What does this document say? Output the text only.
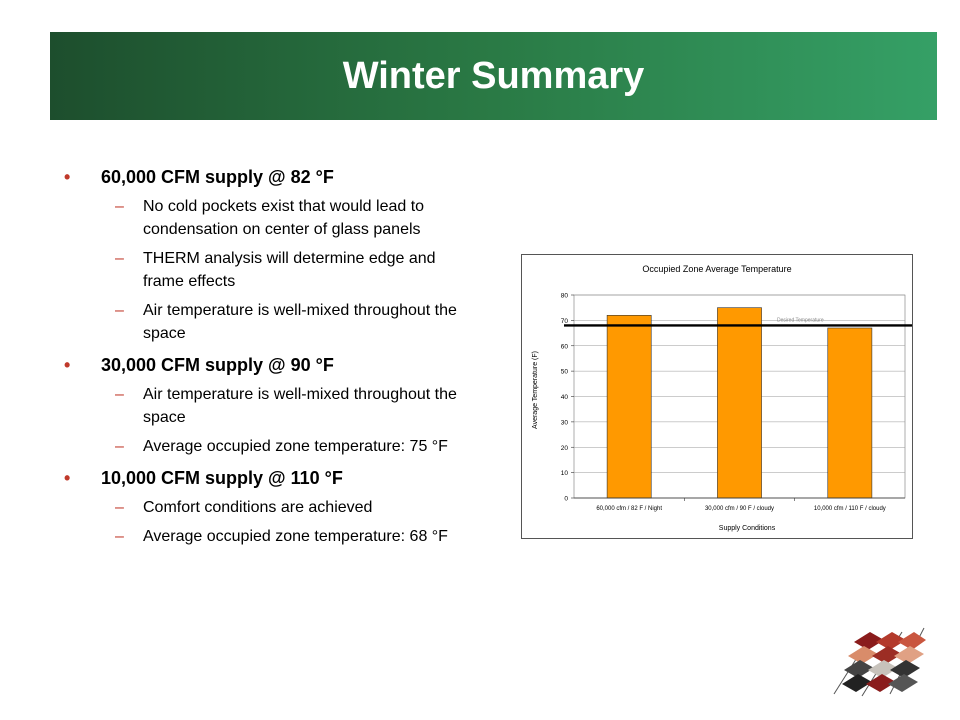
Winter Summary
• 60,000 CFM supply @ 82 °F
– No cold pockets exist that would lead to condensation on center of glass panels
– THERM analysis will determine edge and frame effects
– Air temperature is well-mixed throughout the space
• 30,000 CFM supply @ 90 °F
– Air temperature is well-mixed throughout the space
– Average occupied zone temperature: 75 °F
• 10,000 CFM supply @ 110 °F
– Comfort conditions are achieved
– Average occupied zone temperature: 68 °F
Occupied Zone Average Temperature
Supply Conditions
Average Temperature (F)
0
10
20
30
40
50
60
70
80
60,000 cfm / 82 F / Night	30,000 cfm / 90 F / cloudy	10,000 cfm / 110 F / cloudy
Desired Temperature
